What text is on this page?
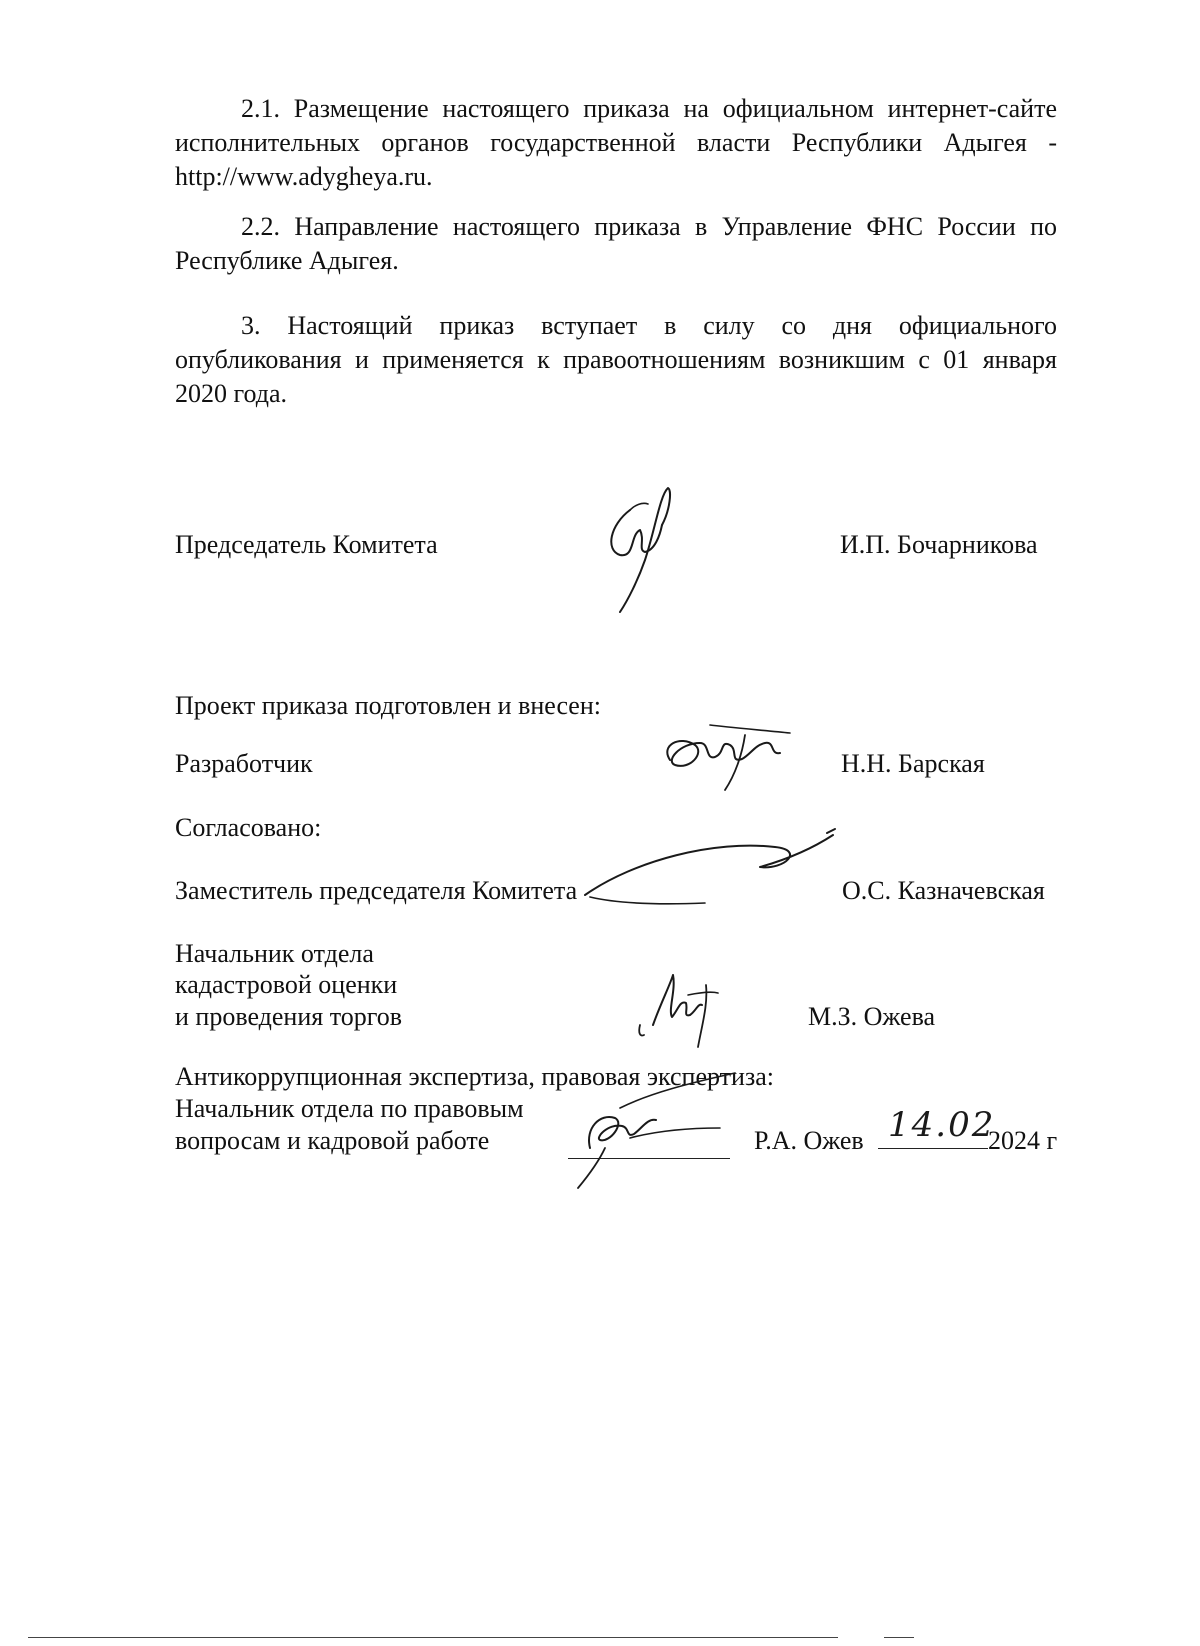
2.1. Размещение настоящего приказа на официальном интернет-сайте исполнительных органов государственной власти Республики Адыгея - http://www.adygheya.ru.

2.2. Направление настоящего приказа в Управление ФНС России по Республике Адыгея.

3. Настоящий приказ вступает в силу со дня официального опубликования и применяется к правоотношениям возникшим с 01 января 2020 года.

Председатель Комитета	И.П. Бочарникова

Проект приказа подготовлен и внесен:

Разработчик	Н.Н. Барская

Согласовано:

Заместитель председателя Комитета	О.С. Казначевская

Начальник отдела

кадастровой оценки

и проведения торгов	М.З. Ожева

Антикоррупционная экспертиза, правовая экспертиза:

Начальник отдела по правовым

вопросам и кадровой работе	Р.А. Ожев	2024 г
14.02
